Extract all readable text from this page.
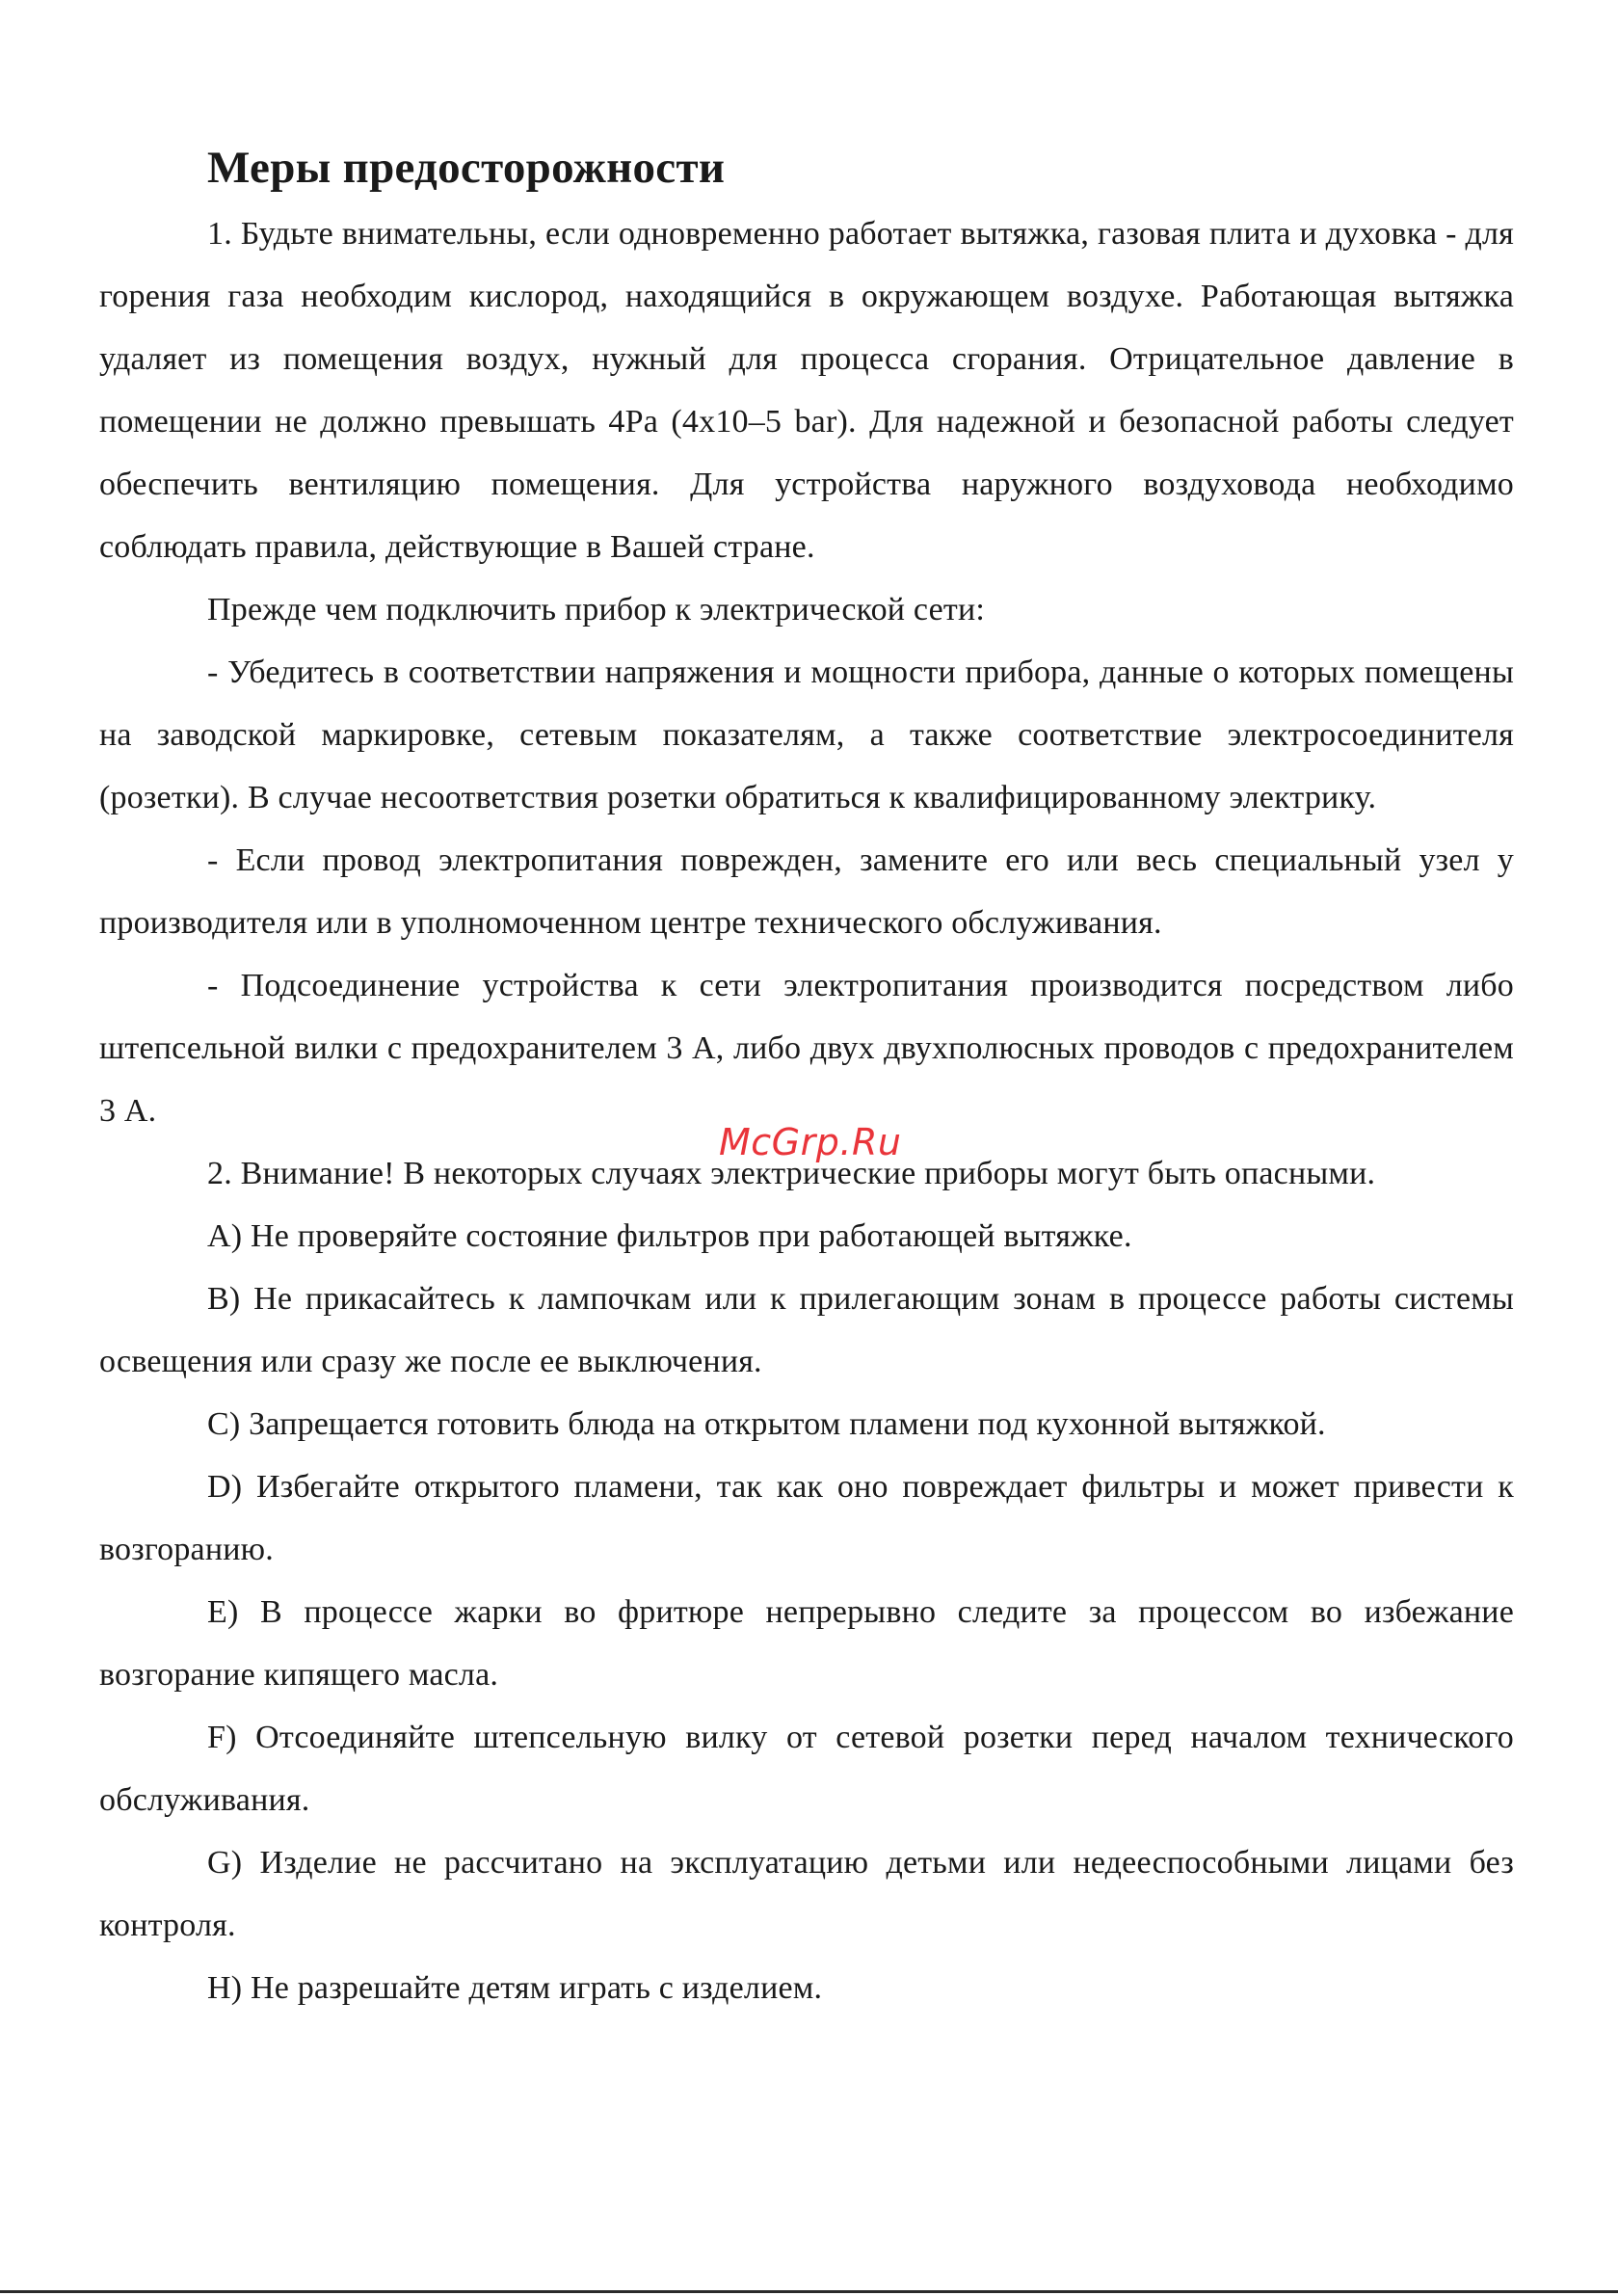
Меры предосторожности

1. Будьте внимательны, если одновременно работает вытяжка, газовая плита и духовка - для горения газа необходим кислород, находящийся в окружающем воздухе. Работающая вытяжка удаляет из помещения воздух, нужный для процесса сгорания. Отрицательное давление в помещении не должно превышать 4Pa (4x10–5 bar). Для надежной и безопасной работы следует обеспечить вентиляцию помещения. Для устройства наружного воздуховода необходимо соблюдать правила, действующие в Вашей стране.

Прежде чем подключить прибор к электрической сети:

- Убедитесь в соответствии напряжения и мощности прибора, данные о которых помещены на заводской маркировке, сетевым показателям, а также соответствие электросоединителя (розетки). В случае несоответствия розетки обратиться к квалифицированному электрику.

- Если провод электропитания поврежден, замените его или весь специальный узел у производителя или в уполномоченном центре технического обслуживания.

- Подсоединение устройства к сети электропитания производится посредством либо штепсельной вилки с предохранителем 3 А, либо двух двухполюсных проводов с предохранителем 3 А.

2. Внимание! В некоторых случаях электрические приборы могут быть опасными.

A) Не проверяйте состояние фильтров при работающей вытяжке.

B) Не прикасайтесь к лампочкам или к прилегающим зонам в процессе работы системы освещения или сразу же после ее выключения.

C) Запрещается готовить блюда на открытом пламени под кухонной вытяжкой.

D) Избегайте открытого пламени, так как оно повреждает фильтры и может привести к возгоранию.

E) В процессе жарки во фритюре непрерывно следите за процессом во избежание возгорание кипящего масла.

F) Отсоединяйте штепсельную вилку от сетевой розетки перед началом технического обслуживания.

G) Изделие не рассчитано на эксплуатацию детьми или недееспособными лицами без контроля.

H) Не разрешайте детям играть с изделием.

McGrp.Ru
